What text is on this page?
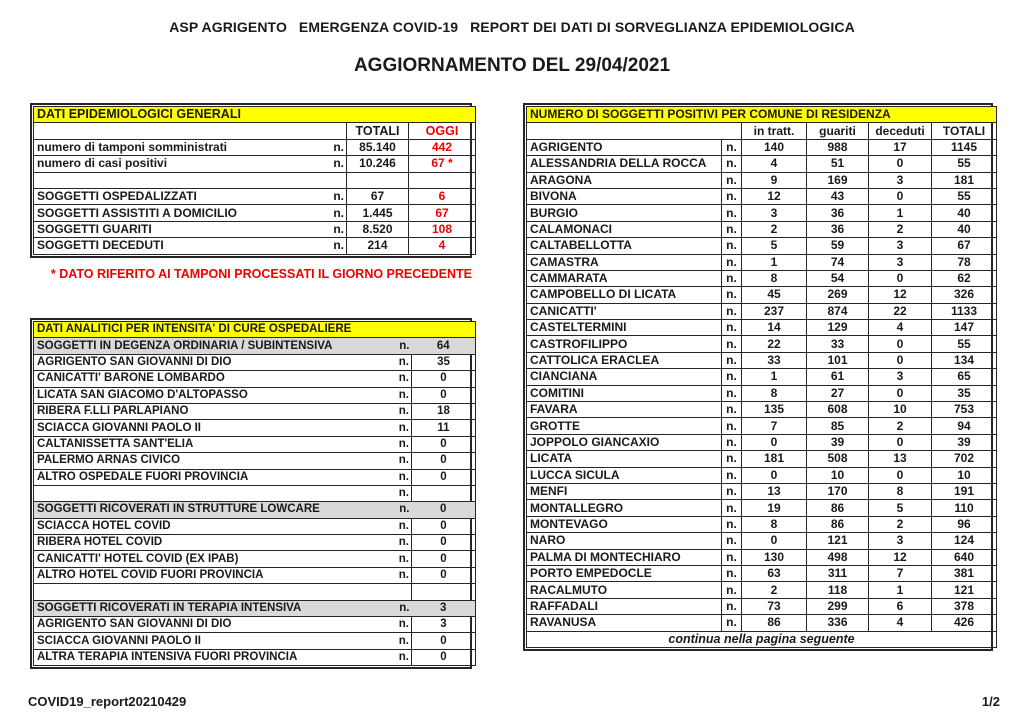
ASP AGRIGENTO   EMERGENZA COVID-19   REPORT DEI DATI DI SORVEGLIANZA EPIDEMIOLOGICA
AGGIORNAMENTO DEL 29/04/2021
DATI EPIDEMIOLOGICI GENERALI			
		TOTALI	OGGI
numero di tamponi somministrati	n.	85.140	442
numero di casi positivi	n.	10.246	67 *

SOGGETTI OSPEDALIZZATI	n.	67	6
SOGGETTI ASSISTITI A DOMICILIO	n.	1.445	67
SOGGETTI GUARITI	n.	8.520	108
SOGGETTI DECEDUTI	n.	214	4
* DATO RIFERITO AI TAMPONI PROCESSATI IL GIORNO PRECEDENTE
DATI ANALITICI PER INTENSITA' DI CURE OSPEDALIERE		
SOGGETTI IN DEGENZA ORDINARIA / SUBINTENSIVA	n.	64
AGRIGENTO SAN GIOVANNI DI DIO	n.	35
CANICATTI' BARONE LOMBARDO	n.	0
LICATA SAN GIACOMO D'ALTOPASSO	n.	0
RIBERA F.LLI PARLAPIANO	n.	18
SCIACCA GIOVANNI PAOLO II	n.	11
CALTANISSETTA SANT'ELIA	n.	0
PALERMO ARNAS CIVICO	n.	0
ALTRO OSPEDALE FUORI PROVINCIA	n.	0
	n.	
SOGGETTI RICOVERATI IN STRUTTURE LOWCARE	n.	0
SCIACCA HOTEL COVID	n.	0
RIBERA HOTEL COVID	n.	0
CANICATTI' HOTEL COVID (EX IPAB)	n.	0
ALTRO HOTEL COVID FUORI PROVINCIA	n.	0

SOGGETTI RICOVERATI IN TERAPIA INTENSIVA	n.	3
AGRIGENTO SAN GIOVANNI DI DIO	n.	3
SCIACCA GIOVANNI PAOLO II	n.	0
ALTRA TERAPIA INTENSIVA FUORI PROVINCIA	n.	0
NUMERO DI SOGGETTI POSITIVI PER COMUNE DI RESIDENZA					
		in tratt.	guariti	deceduti	TOTALI
AGRIGENTO	n.	140	988	17	1145
ALESSANDRIA DELLA ROCCA	n.	4	51	0	55
ARAGONA	n.	9	169	3	181
BIVONA	n.	12	43	0	55
BURGIO	n.	3	36	1	40
CALAMONACI	n.	2	36	2	40
CALTABELLOTTA	n.	5	59	3	67
CAMASTRA	n.	1	74	3	78
CAMMARATA	n.	8	54	0	62
CAMPOBELLO DI LICATA	n.	45	269	12	326
CANICATTI'	n.	237	874	22	1133
CASTELTERMINI	n.	14	129	4	147
CASTROFILIPPO	n.	22	33	0	55
CATTOLICA ERACLEA	n.	33	101	0	134
CIANCIANA	n.	1	61	3	65
COMITINI	n.	8	27	0	35
FAVARA	n.	135	608	10	753
GROTTE	n.	7	85	2	94
JOPPOLO GIANCAXIO	n.	0	39	0	39
LICATA	n.	181	508	13	702
LUCCA SICULA	n.	0	10	0	10
MENFI	n.	13	170	8	191
MONTALLEGRO	n.	19	86	5	110
MONTEVAGO	n.	8	86	2	96
NARO	n.	0	121	3	124
PALMA DI MONTECHIARO	n.	130	498	12	640
PORTO EMPEDOCLE	n.	63	311	7	381
RACALMUTO	n.	2	118	1	121
RAFFADALI	n.	73	299	6	378
RAVANUSA	n.	86	336	4	426
continua nella pagina seguente					
COVID19_report20210429	1/2
